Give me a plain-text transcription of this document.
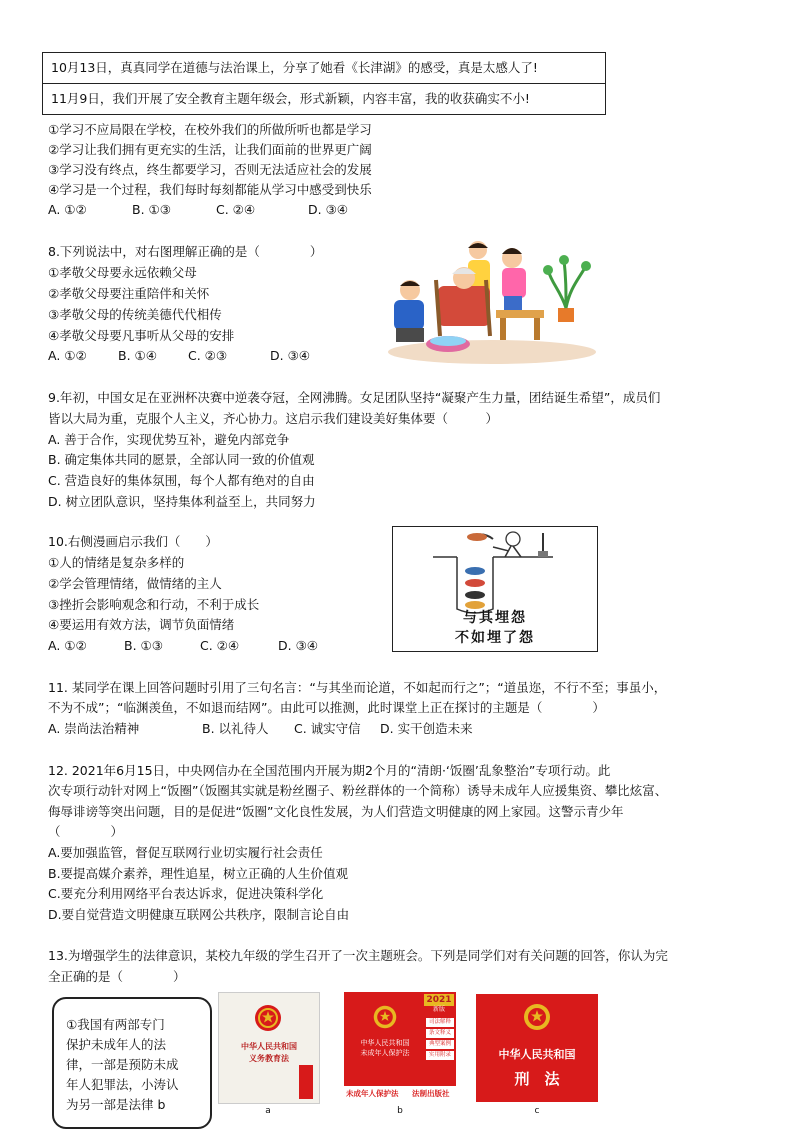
10月13日，真真同学在道德与法治课上，分享了她看《长津湖》的感受，真是太感人了!
11月9日，我们开展了安全教育主题年级会，形式新颖，内容丰富，我的收获确实不小!
①学习不应局限在学校，在校外我们的所做所听也都是学习
②学习让我们拥有更充实的生活，让我们面前的世界更广阔
③学习没有终点，终生都要学习，否则无法适应社会的发展
④学习是一个过程，我们每时每刻都能从学习中感受到快乐
A. ①②	B. ①③	C. ②④	D. ③④
8.下列说法中，对右图理解正确的是（　　　　）
①孝敬父母要永远依赖父母
②孝敬父母要注重陪伴和关怀
③孝敬父母的传统美德代代相传
④孝敬父母要凡事听从父母的安排
A. ①②	B. ①④ C. ②③	D. ③④
9.年初，中国女足在亚洲杯决赛中逆袭夺冠，全网沸腾。女足团队坚持“凝聚产生力量，团结诞生希望”，成员们
皆以大局为重，克服个人主义，齐心协力。这启示我们建设美好集体要（　　　）
A. 善于合作，实现优势互补，避免内部竞争
B. 确定集体共同的愿景，全部认同一致的价值观
C. 营造良好的集体氛围，每个人都有绝对的自由
D. 树立团队意识，坚持集体利益至上，共同努力
10.右侧漫画启示我们（　　）
①人的情绪是复杂多样的
②学会管理情绪，做情绪的主人
③挫折会影响观念和行动，不利于成长
④要运用有效方法，调节负面情绪
A. ①②	B. ①③	C. ②④	D. ③④
与其埋怨
不如埋了怨
11. 某同学在课上回答问题时引用了三句名言：“与其坐而论道，不如起而行之”；“道虽迩，不行不至；事虽小，
不为不成”；“临渊羡鱼，不如退而结网”。由此可以推测，此时课堂上正在探讨的主题是（　　　　）
A. 崇尚法治精神	B. 以礼待人 C. 诚实守信 D. 实干创造未来
12. 2021年6月15日，中央网信办在全国范围内开展为期2个月的“清朗·‘饭圈’乱象整治”专项行动。此
次专项行动针对网上“饭圈”（饭圈其实就是粉丝圈子、粉丝群体的一个简称）诱导未成年人应援集资、攀比炫富、
侮辱诽谤等突出问题，目的是促进“饭圈”文化良性发展，为人们营造文明健康的网上家园。这警示青少年
（　　　　）
A.要加强监管，督促互联网行业切实履行社会责任
B.要提高媒介素养，理性追星，树立正确的人生价值观
C.要充分利用网络平台表达诉求，促进决策科学化
D.要自觉营造文明健康互联网公共秩序，限制言论自由
13.为增强学生的法律意识，某校九年级的学生召开了一次主题班会。下列是同学们对有关问题的回答，你认为完
全正确的是（　　　　）
①我国有两部专门
保护未成年人的法
律，一部是预防未成
年人犯罪法，小涛认
为另一部是法律 b
中华人民共和国
义务教育法
a
2021
新版
中华人民共和国
未成年人保护法
司法解释
条文释义
典型案例
实用附录
未成年人保护法 法制出版社
b
中华人民共和国
刑　法
c
